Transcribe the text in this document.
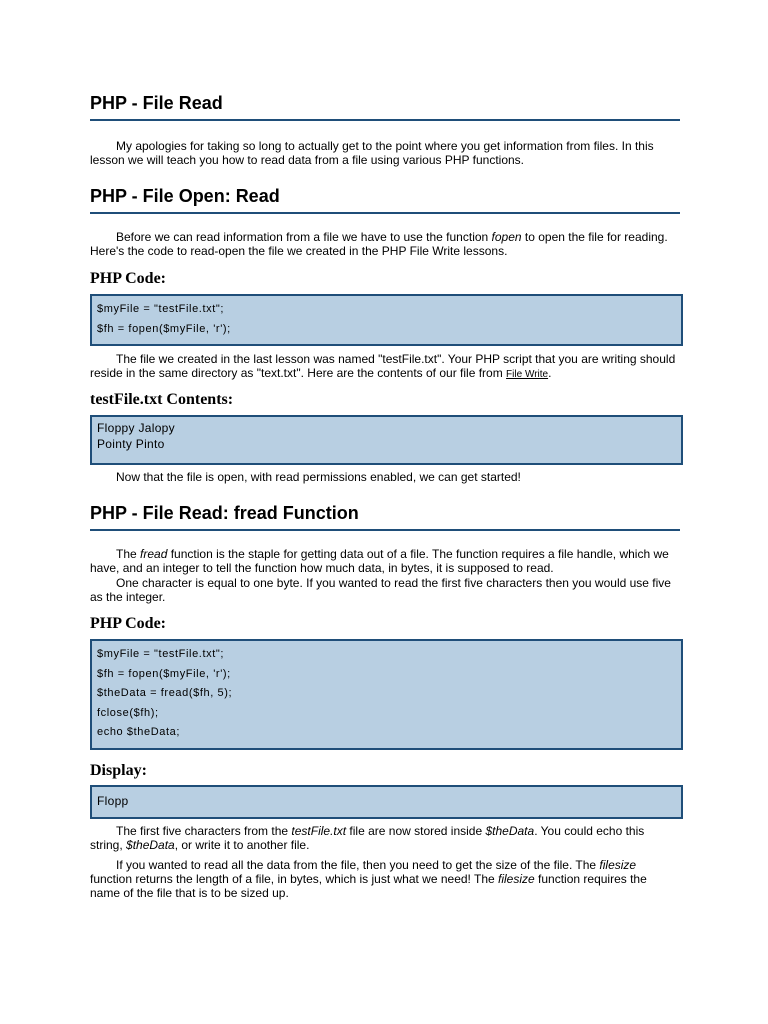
PHP - File Read

My apologies for taking so long to actually get to the point where you get information from files. In this lesson we will teach you how to read data from a file using various PHP functions.

PHP - File Open: Read

Before we can read information from a file we have to use the function fopen to open the file for reading. Here's the code to read-open the file we created in the PHP File Write lessons.

PHP Code:
$myFile = "testFile.txt";
$fh = fopen($myFile, 'r');

The file we created in the last lesson was named "testFile.txt". Your PHP script that you are writing should reside in the same directory as "text.txt". Here are the contents of our file from File Write.

testFile.txt Contents:
Floppy Jalopy
Pointy Pinto

Now that the file is open, with read permissions enabled, we can get started!

PHP - File Read: fread Function

The fread function is the staple for getting data out of a file. The function requires a file handle, which we have, and an integer to tell the function how much data, in bytes, it is supposed to read.

One character is equal to one byte. If you wanted to read the first five characters then you would use five as the integer.

PHP Code:
$myFile = "testFile.txt";
$fh = fopen($myFile, 'r');
$theData = fread($fh, 5);
fclose($fh);
echo $theData;
Display:
Flopp

The first five characters from the testFile.txt file are now stored inside $theData. You could echo this string, $theData, or write it to another file.

If you wanted to read all the data from the file, then you need to get the size of the file. The filesize function returns the length of a file, in bytes, which is just what we need! The filesize function requires the name of the file that is to be sized up.
